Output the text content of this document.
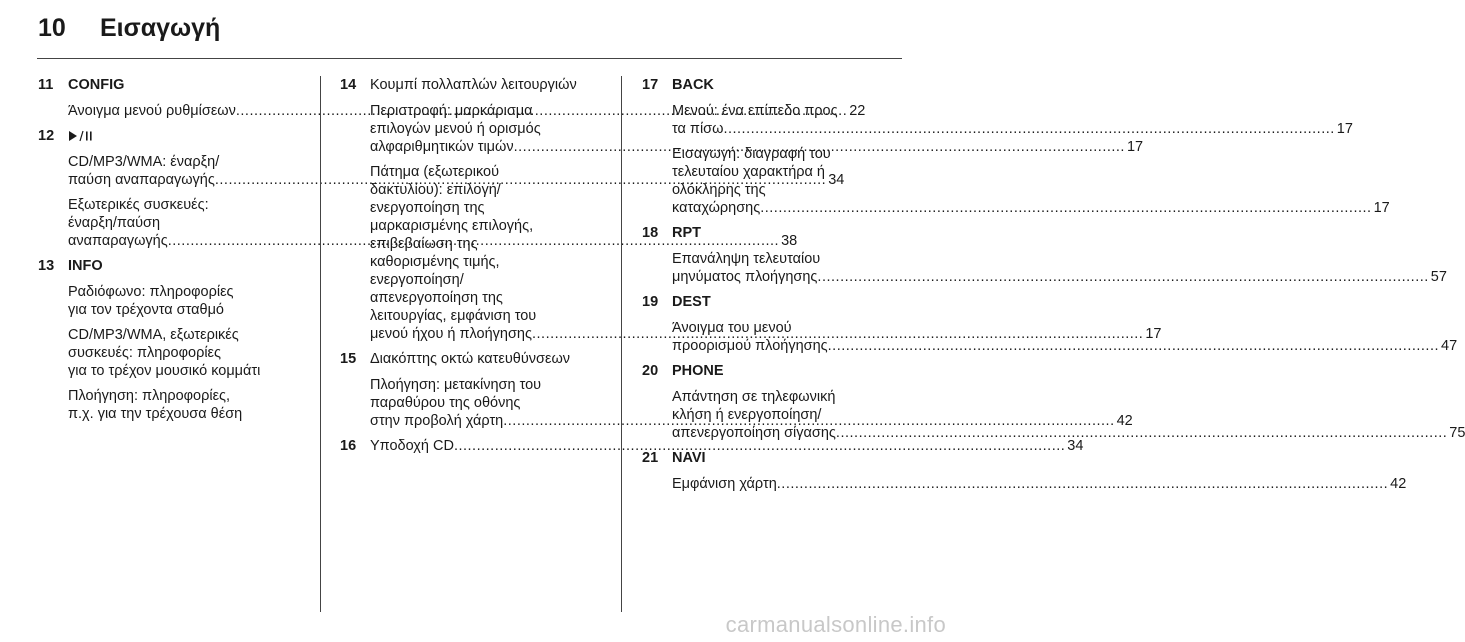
10	Εισαγωγή
11	CONFIG
Άνοιγμα μενού ρυθμίσεων .....	22
12
CD/MP3/WMA: έναρξη/
παύση αναπαραγωγής .....	34
Εξωτερικές συσκευές:
έναρξη/παύση
αναπαραγωγής .....	38
13 INFO
Ραδιόφωνο: πληροφορίες
για τον τρέχοντα σταθμό
CD/MP3/WMA, εξωτερικές
συσκευές: πληροφορίες
για το τρέχον μουσικό κομμάτι
Πλοήγηση: πληροφορίες,
π.χ. για την τρέχουσα θέση
14 Κουμπί πολλαπλών λειτουργιών
Περιστροφή: μαρκάρισμα
επιλογών μενού ή ορισμός
αλφαριθμητικών τιμών .....	17
Πάτημα (εξωτερικού
δακτυλίου): επιλογή/
ενεργοποίηση της
μαρκαρισμένης επιλογής,
επιβεβαίωση της
καθορισμένης τιμής,
ενεργοποίηση/
απενεργοποίηση της
λειτουργίας, εμφάνιση του
μενού ήχου ή πλοήγησης .....	17
15 Διακόπτης οκτώ κατευθύνσεων
Πλοήγηση: μετακίνηση του
παραθύρου της οθόνης
στην προβολή χάρτη .....	42
16 Υποδοχή CD .....	34
17 BACK
Μενού: ένα επίπεδο προς
τα πίσω .....	17
Εισαγωγή: διαγραφή του
τελευταίου χαρακτήρα ή
ολόκληρης της
καταχώρησης .....	17
18 RPT
Επανάληψη τελευταίου
μηνύματος πλοήγησης .....	57
19 DEST
Άνοιγμα του μενού
προορισμού πλοήγησης .....	47
20 PHONE
Απάντηση σε τηλεφωνική
κλήση ή ενεργοποίηση/
απενεργοποίηση σίγασης .....	75
21 NAVI
Εμφάνιση χάρτη .....	42
carmanualsonline.info
